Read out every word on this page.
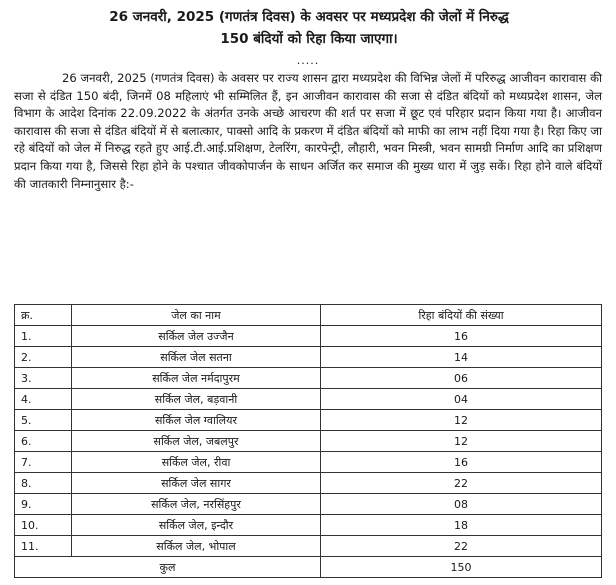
26 जनवरी, 2025 (गणतंत्र दिवस) के अवसर पर मध्यप्रदेश की जेलों में निरुद्ध
150 बंदियों को रिहा किया जाएगा।
.....
26 जनवरी, 2025 (गणतंत्र दिवस) के अवसर पर राज्य शासन द्वारा मध्यप्रदेश की विभिन्न जेलों में परिरुद्ध आजीवन कारावास की सजा से दंडित 150 बंदी, जिनमें 08 महिलाएं भी सम्मिलित हैं, इन आजीवन कारावास की सजा से दंडित बंदियों को मध्यप्रदेश शासन, जेल विभाग के आदेश दिनांक 22.09.2022 के अंतर्गत उनके अच्छे आचरण की शर्त पर सजा में छूट एवं परिहार प्रदान किया गया है। आजीवन कारावास की सजा से दंडित बंदियों में से बलात्कार, पाक्सो आदि के प्रकरण में दंडित बंदियों को माफी का लाभ नहीं दिया गया है। रिहा किए जा रहे बंदियों को जेल में निरुद्ध रहते हुए आई.टी.आई.प्रशिक्षण, टेलरिंग, कारपेन्ट्री, लौहारी, भवन मिस्त्री, भवन सामग्री निर्माण आदि का प्रशिक्षण प्रदान किया गया है, जिससे रिहा होने के पश्चात जीवकोपार्जन के साधन अर्जित कर समाज की मुख्य धारा में जुड़ सकें। रिहा होने वाले बंदियों की जातकारी निम्नानुसार है:-
क्र.	जेल का नाम	रिहा बंदियों की संख्या
1.	सर्किल जेल उज्जैन	16
2.	सर्किल जेल सतना	14
3.	सर्किल जेल नर्मदापुरम	06
4.	सर्किल जेल, बड़वानी	04
5.	सर्किल जेल ग्वालियर	12
6.	सर्किल जेल, जबलपुर	12
7.	सर्किल जेल, रीवा	16
8.	सर्किल जेल सागर	22
9.	सर्किल जेल, नरसिंहपुर	08
10.	सर्किल जेल, इन्दौर	18
11.	सर्किल जेल, भोपाल	22
कुल		150
